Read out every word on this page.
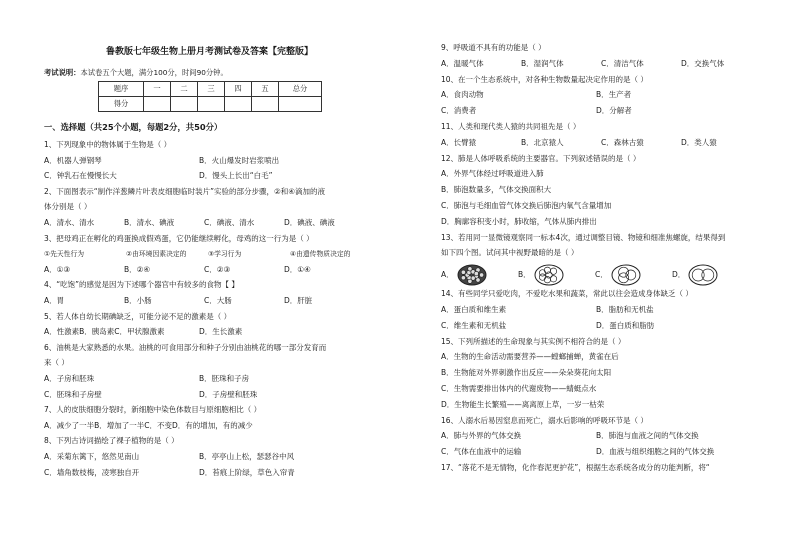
鲁教版七年级生物上册月考测试卷及答案【完整版】
考试说明：本试卷五个大题，满分100分，时间90分钟。
题序	一	二	三	四	五	总分
得分						
一、选择题（共25个小题，每题2分，共50分）
1、下列现象中的物体属于生物是（ ）
A．机器人弹钢琴	B．火山爆发时岩浆喷出
C．钟乳石在慢慢长大	D．馒头上长出“白毛”
2、下面图表示“制作洋葱鳞片叶表皮细胞临时装片”实验的部分步骤，②和④滴加的液
体分别是（ ）
A．清水、清水	B．清水、碘液	C．碘液、清水	D．碘液、碘液
3、把母鸡正在孵化的鸡蛋换成假鸡蛋，它仍能继续孵化，母鸡的这一行为是（ ）
①先天性行为	②由环境因素决定的	③学习行为	④由遗传物质决定的
A．①③	B．②④	C．②③	D．①④
4、“吃饱”的感觉是因为下述哪个器官中有较多的食物【 】
A．胃	B．小肠	C．大肠	D．肝脏
5、若人体自幼长期碘缺乏，可能分泌不足的激素是（ ）
A．性激素B．胰岛素C．甲状腺激素	D．生长激素
6、油桃是大家熟悉的水果。油桃的可食用部分和种子分别由油桃花的哪一部分发育而
来（ ）
A．子房和胚珠	B．胚珠和子房
C．胚珠和子房壁	D．子房壁和胚珠
7、人的皮肤细胞分裂时，新细胞中染色体数目与原细胞相比（ ）
A．减少了一半B．增加了一半C．不变D．有的增加，有的减少
8、下列古诗词描绘了裸子植物的是（ ）
A．采菊东篱下，悠然见南山	B．亭亭山上松，瑟瑟谷中风
C．墙角数枝梅，凌寒独自开	D．苔痕上阶绿，草色入帘青
9、呼吸道不具有的功能是（ ）
A．温暖气体	B．湿润气体	C．清洁气体	D．交换气体
10、在一个生态系统中，对各种生物数量起决定作用的是（ ）
A．食肉动物	B．生产者
C．消费者	D．分解者
11、人类和现代类人猿的共同祖先是（ ）
A．长臂猿	B．北京猿人	C．森林古猿	D．类人猿
12、肺是人体呼吸系统的主要器官。下列叙述错误的是（ ）
A．外界气体经过呼吸道进入肺
B．肺泡数量多，气体交换面积大
C．肺泡与毛细血管气体交换后肺泡内氧气含量增加
D．胸廓容积变小时，肺收缩，气体从肺内排出
13、若用同一显微镜观察同一标本4次，通过调整目镜、物镜和细准焦螺旋，结果得到
如下四个图。试问其中视野最暗的是（ ）
A．	B．	C．	D．
14、有些同学只爱吃肉，不爱吃水果和蔬菜，常此以往会造成身体缺乏（ ）
A．蛋白质和维生素	B．脂肪和无机盐
C．维生素和无机盐	D．蛋白质和脂肪
15、下列所描述的生命现象与其实例不相符合的是（ ）
A．生物的生命活动需要营养——螳螂捕蝉，黄雀在后
B．生物能对外界刺激作出反应——朵朵葵花向太阳
C．生物需要排出体内的代谢废物——蜻蜓点水
D．生物能生长繁殖——离离原上草，一岁一枯荣
16、人溺水后易因窒息而死亡，溺水后影响的呼吸环节是（ ）
A．肺与外界的气体交换	B．肺泡与血液之间的气体交换
C．气体在血液中的运输	D．血液与组织细胞之间的气体交换
17、“落花不是无情物，化作春泥更护花”，根据生态系统各成分的功能判断，将“
